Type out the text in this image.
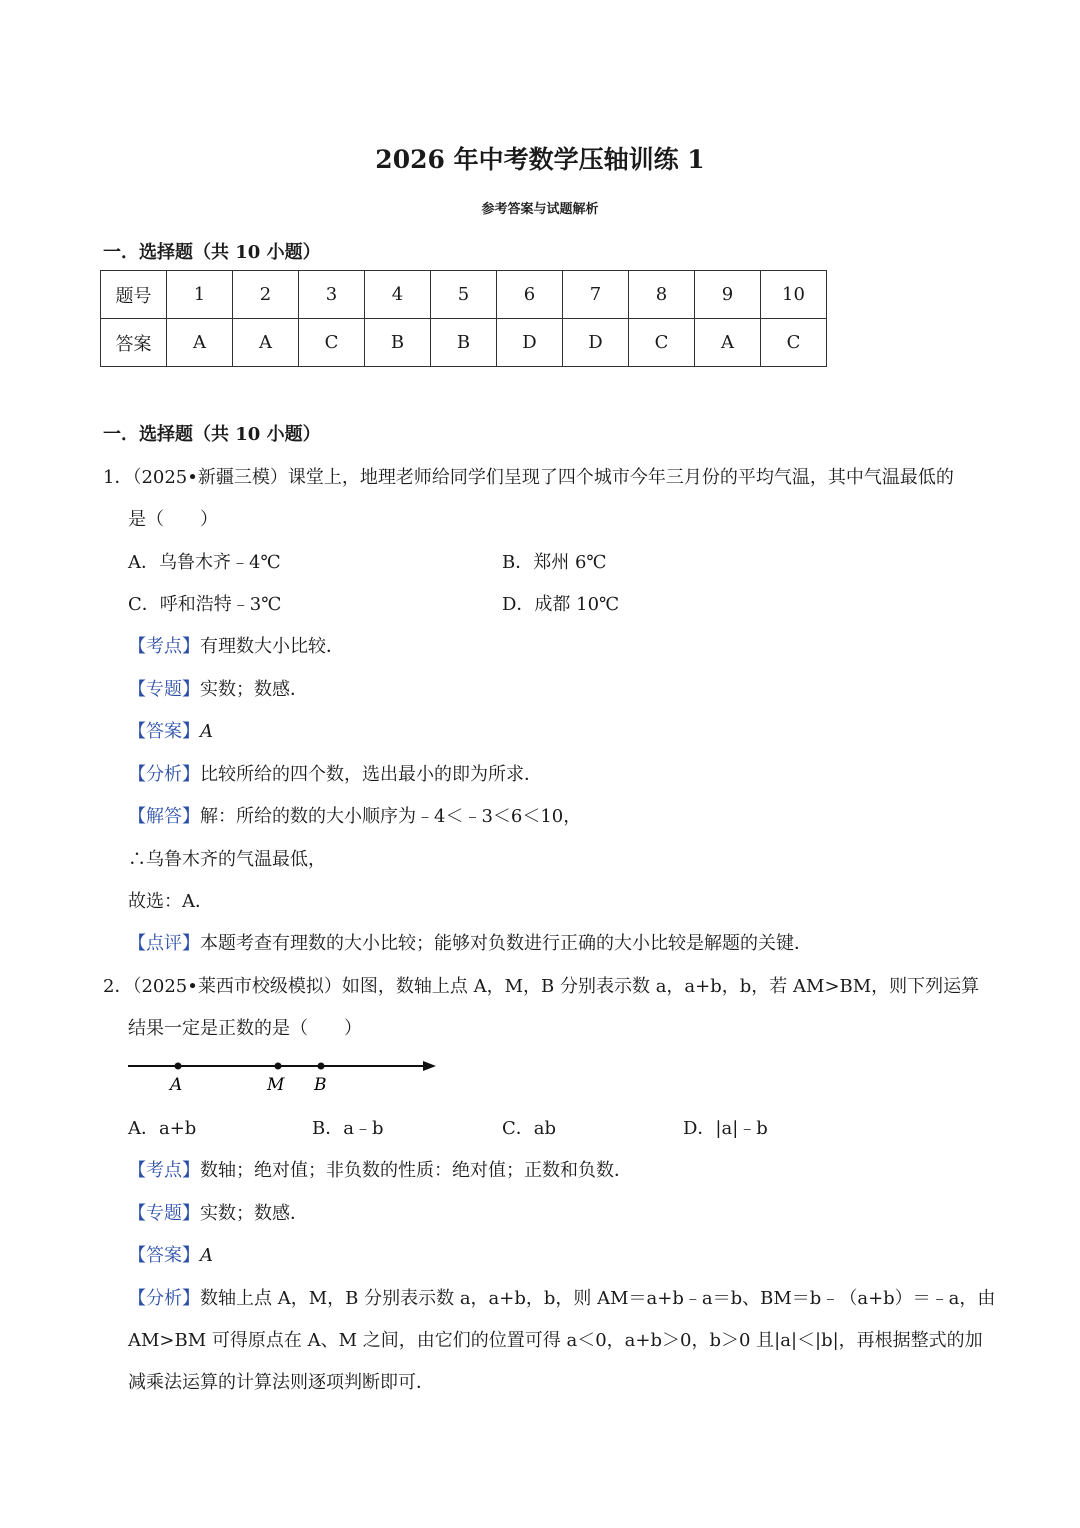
2026 年中考数学压轴训练 1
参考答案与试题解析
一．选择题（共 10 小题）
题号	1	2	3	4	5	6	7	8	9	10
答案	A	A	C	B	B	D	D	C	A	C
一．选择题（共 10 小题）
1．（2025•新疆三模）课堂上，地理老师给同学们呈现了四个城市今年三月份的平均气温，其中气温最低的
是（　　）
A．乌鲁木齐﹣4℃	B．郑州 6℃
C．呼和浩特﹣3℃	D．成都 10℃
【考点】有理数大小比较．
【专题】实数；数感．
【答案】A
【分析】比较所给的四个数，选出最小的即为所求．
【解答】解：所给的数的大小顺序为﹣4＜﹣3＜6＜10，
∴乌鲁木齐的气温最低，
故选：A．
【点评】本题考查有理数的大小比较；能够对负数进行正确的大小比较是解题的关键．
2．（2025•莱西市校级模拟）如图，数轴上点 A，M，B 分别表示数 a，a+b，b，若 AM>BM，则下列运算
结果一定是正数的是（　　）
A	M B
A．a+b	B．a﹣b	C．ab	D．|a|﹣b
【考点】数轴；绝对值；非负数的性质：绝对值；正数和负数．
【专题】实数；数感．
【答案】A
【分析】数轴上点 A，M，B 分别表示数 a，a+b，b，则 AM＝a+b﹣a＝b、BM＝b﹣（a+b）＝﹣a，由
AM>BM 可得原点在 A、M 之间，由它们的位置可得 a＜0，a+b＞0，b＞0 且|a|＜|b|，再根据整式的加
减乘法运算的计算法则逐项判断即可．
